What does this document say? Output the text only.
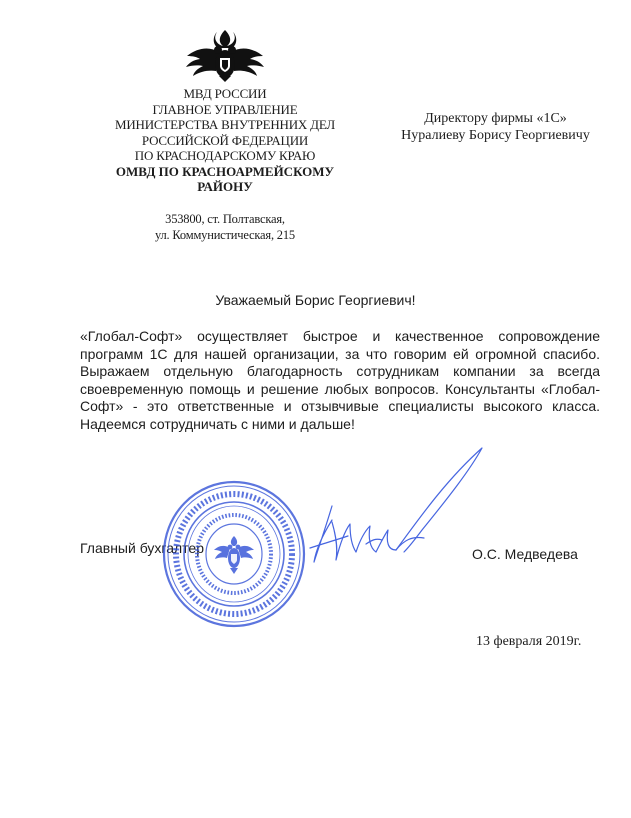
МВД РОССИИ
ГЛАВНОЕ УПРАВЛЕНИЕ
МИНИСТЕРСТВА ВНУТРЕННИХ ДЕЛ
РОССИЙСКОЙ ФЕДЕРАЦИИ
ПО КРАСНОДАРСКОМУ КРАЮ
ОМВД ПО КРАСНОАРМЕЙСКОМУ
РАЙОНУ
353800, ст. Полтавская,
ул. Коммунистическая, 215
Директору фирмы «1С»
Нуралиеву Борису Георгиевичу
Уважаемый Борис Георгиевич!
«Глобал-Софт» осуществляет быстрое и качественное сопровождение
программ 1С для нашей организации, за что говорим ей огромной спасибо.
Выражаем отдельную благодарность сотрудникам компании за всегда
своевременную помощь и решение любых вопросов. Консультанты «Глобал-
Софт» - это ответственные и отзывчивые специалисты высокого класса.
Надеемся сотрудничать с ними и дальше!
Главный бухгалтер	О.С. Медведева
13 февраля 2019г.
